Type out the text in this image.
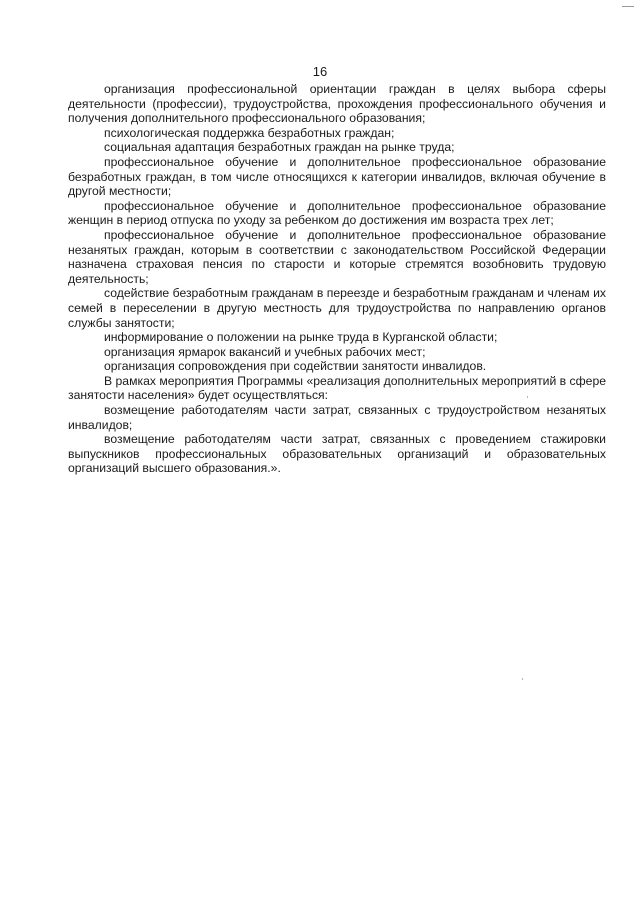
16

организация профессиональной ориентации граждан в целях выбора сферы деятельности (профессии), трудоустройства, прохождения профессионального обучения и получения дополнительного профессионального образования;

психологическая поддержка безработных граждан;

социальная адаптация безработных граждан на рынке труда;

профессиональное обучение и дополнительное профессиональное образование безработных граждан, в том числе относящихся к категории инвалидов, включая обучение в другой местности;

профессиональное обучение и дополнительное профессиональное образование женщин в период отпуска по уходу за ребенком до достижения им возраста трех лет;

профессиональное обучение и дополнительное профессиональное образование незанятых граждан, которым в соответствии с законодательством Российской Федерации назначена страховая пенсия по старости и которые стремятся возобновить трудовую деятельность;

содействие безработным гражданам в переезде и безработным гражданам и членам их семей в переселении в другую местность для трудоустройства по направлению органов службы занятости;

информирование о положении на рынке труда в Курганской области;

организация ярмарок вакансий и учебных рабочих мест;

организация сопровождения при содействии занятости инвалидов.

В рамках мероприятия Программы «реализация дополнительных мероприятий в сфере занятости населения» будет осуществляться:

возмещение работодателям части затрат, связанных с трудоустройством незанятых инвалидов;

возмещение работодателям части затрат, связанных с проведением стажировки выпускников профессиональных образовательных организаций и образовательных организаций высшего образования.».
